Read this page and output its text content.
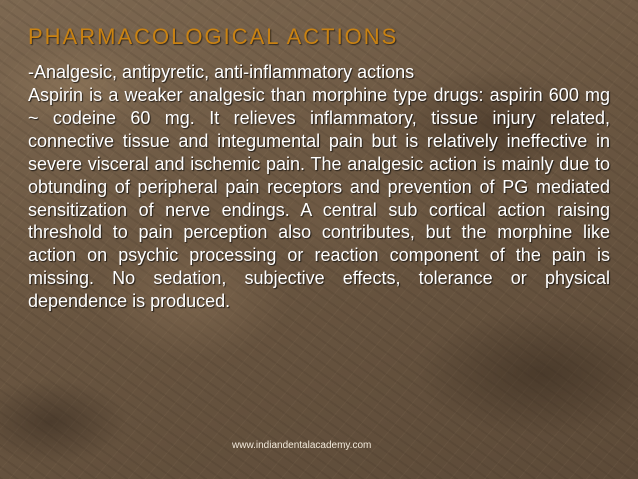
PHARMACOLOGICAL ACTIONS

-Analgesic, antipyretic, anti-inflammatory actions

Aspirin is a weaker analgesic than morphine type drugs: aspirin 600 mg ~ codeine 60 mg. It relieves inflammatory, tissue injury related, connective tissue and integumental pain but is relatively ineffective in severe visceral and ischemic pain. The analgesic action is mainly due to obtunding of peripheral pain receptors and prevention of PG mediated sensitization of nerve endings. A central sub cortical action raising threshold to pain perception also contributes, but the morphine like action on psychic processing or reaction component of the pain is missing. No sedation, subjective effects, tolerance or physical dependence is produced.

www.indiandentalacademy.com
